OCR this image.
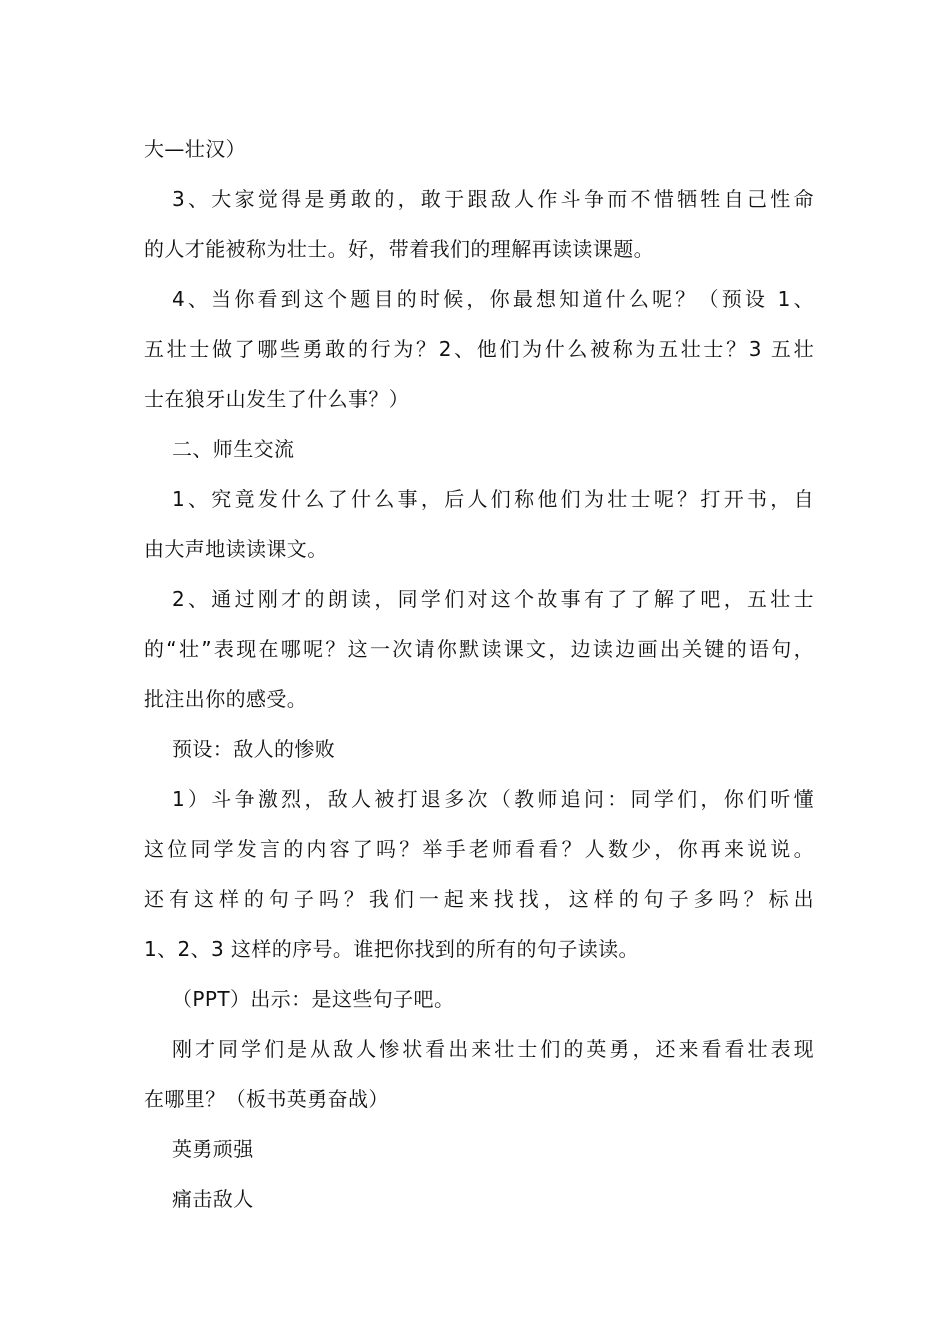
大—壮汉）
3、大家觉得是勇敢的，敢于跟敌人作斗争而不惜牺牲自己性命
的人才能被称为壮士。好，带着我们的理解再读读课题。
4、当你看到这个题目的时候，你最想知道什么呢？（预设 1、
五壮士做了哪些勇敢的行为？2、他们为什么被称为五壮士？3 五壮
士在狼牙山发生了什么事？）
二、师生交流
1、究竟发什么了什么事，后人们称他们为壮士呢？打开书，自
由大声地读读课文。
2、通过刚才的朗读，同学们对这个故事有了了解了吧，五壮士
的“壮”表现在哪呢？这一次请你默读课文，边读边画出关键的语句，
批注出你的感受。
预设：敌人的惨败
1）斗争激烈，敌人被打退多次（教师追问：同学们，你们听懂
这位同学发言的内容了吗？举手老师看看？人数少，你再来说说。
还有这样的句子吗？我们一起来找找，这样的句子多吗？标出
1、2、3 这样的序号。谁把你找到的所有的句子读读。
（PPT）出示：是这些句子吧。
刚才同学们是从敌人惨状看出来壮士们的英勇，还来看看壮表现
在哪里？（板书英勇奋战）
英勇顽强
痛击敌人
